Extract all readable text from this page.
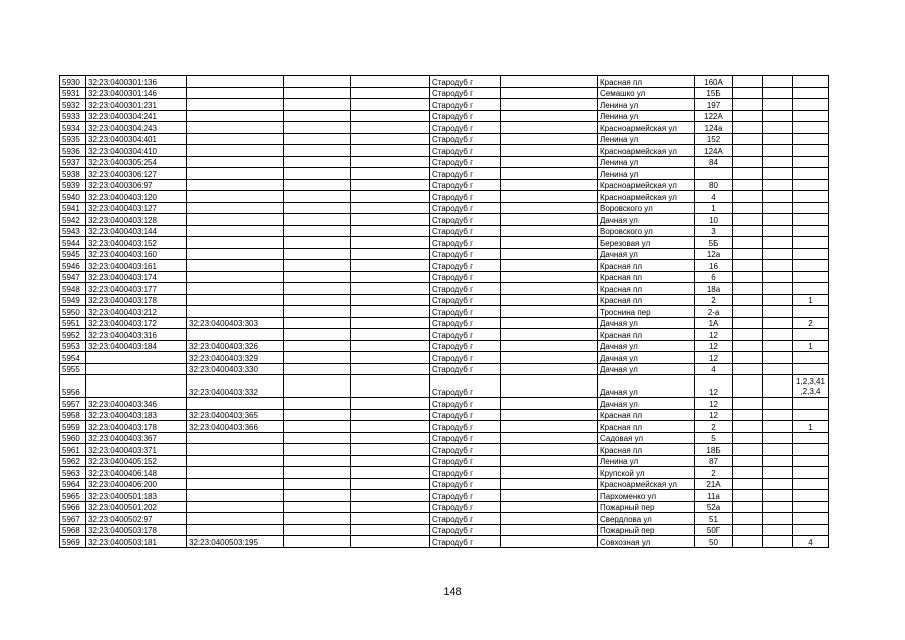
5930	32:23:0400301:136				Стародуб г		Красная пл	160А			
5931	32:23:0400301:146				Стародуб г		Семашко ул	15Б			
5932	32:23:0400301:231				Стародуб г		Ленина ул	197			
5933	32:23:0400304:241				Стародуб г		Ленина ул	122А			
5934	32:23:0400304:243				Стародуб г		Красноармейская ул	124а			
5935	32:23:0400304:401				Стародуб г		Ленина ул	152			
5936	32:23:0400304:410				Стародуб г		Красноармейская ул	124А			
5937	32:23:0400305:254				Стародуб г		Ленина ул	84			
5938	32:23:0400306:127				Стародуб г		Ленина ул				
5939	32:23:0400306:97				Стародуб г		Красноармейская ул	80			
5940	32:23:0400403:120				Стародуб г		Красноармейская ул	4			
5941	32:23:0400403:127				Стародуб г		Воровского ул	1			
5942	32:23:0400403:128				Стародуб г		Дачная ул	10			
5943	32:23:0400403:144				Стародуб г		Воровского ул	3			
5944	32:23:0400403:152				Стародуб г		Березовая ул	5Б			
5945	32:23:0400403:160				Стародуб г		Дачная ул	12а			
5946	32:23:0400403:161				Стародуб г		Красная пл	16			
5947	32:23:0400403:174				Стародуб г		Красная пл	6			
5948	32:23:0400403:177				Стародуб г		Красная пл	18а			
5949	32:23:0400403:178				Стародуб г		Красная пл	2			1
5950	32:23:0400403:212				Стародуб г		Троснина пер	2-а			
5951	32:23:0400403:172	32:23:0400403:303			Стародуб г		Дачная ул	1А			2
5952	32:23:0400403:316				Стародуб г		Красная пл	12			
5953	32:23:0400403:184	32:23:0400403:326			Стародуб г		Дачная ул	12			1
5954		32:23:0400403:329			Стародуб г		Дачная ул	12			
5955		32:23:0400403:330			Стародуб г		Дачная ул	4			
5956		32:23:0400403:332			Стародуб г		Дачная ул	12			1,2,3,41
,2,3,4
5957	32:23:0400403:346				Стародуб г		Дачная ул	12			
5958	32:23:0400403:183	32:23:0400403:365			Стародуб г		Красная пл	12			
5959	32:23:0400403:178	32:23:0400403:366			Стародуб г		Красная пл	2			1
5960	32:23:0400403:367				Стародуб г		Садовая ул	5			
5961	32:23:0400403:371				Стародуб г		Красная пл	18Б			
5962	32:23:0400405:152				Стародуб г		Ленина ул	87			
5963	32:23:0400406:148				Стародуб г		Крупской ул	2			
5964	32:23:0400406:200				Стародуб г		Красноармейская ул	21А			
5965	32:23:0400501:183				Стародуб г		Пархоменко ул	11а			
5966	32:23:0400501:202				Стародуб г		Пожарный пер	52а			
5967	32:23:0400502:97				Стародуб г		Свердлова ул	51			
5968	32:23:0400503:178				Стародуб г		Пожарный пер	50Г			
5969	32:23:0400503:181	32:23:0400503:195			Стародуб г		Совхозная ул	50			4
148
